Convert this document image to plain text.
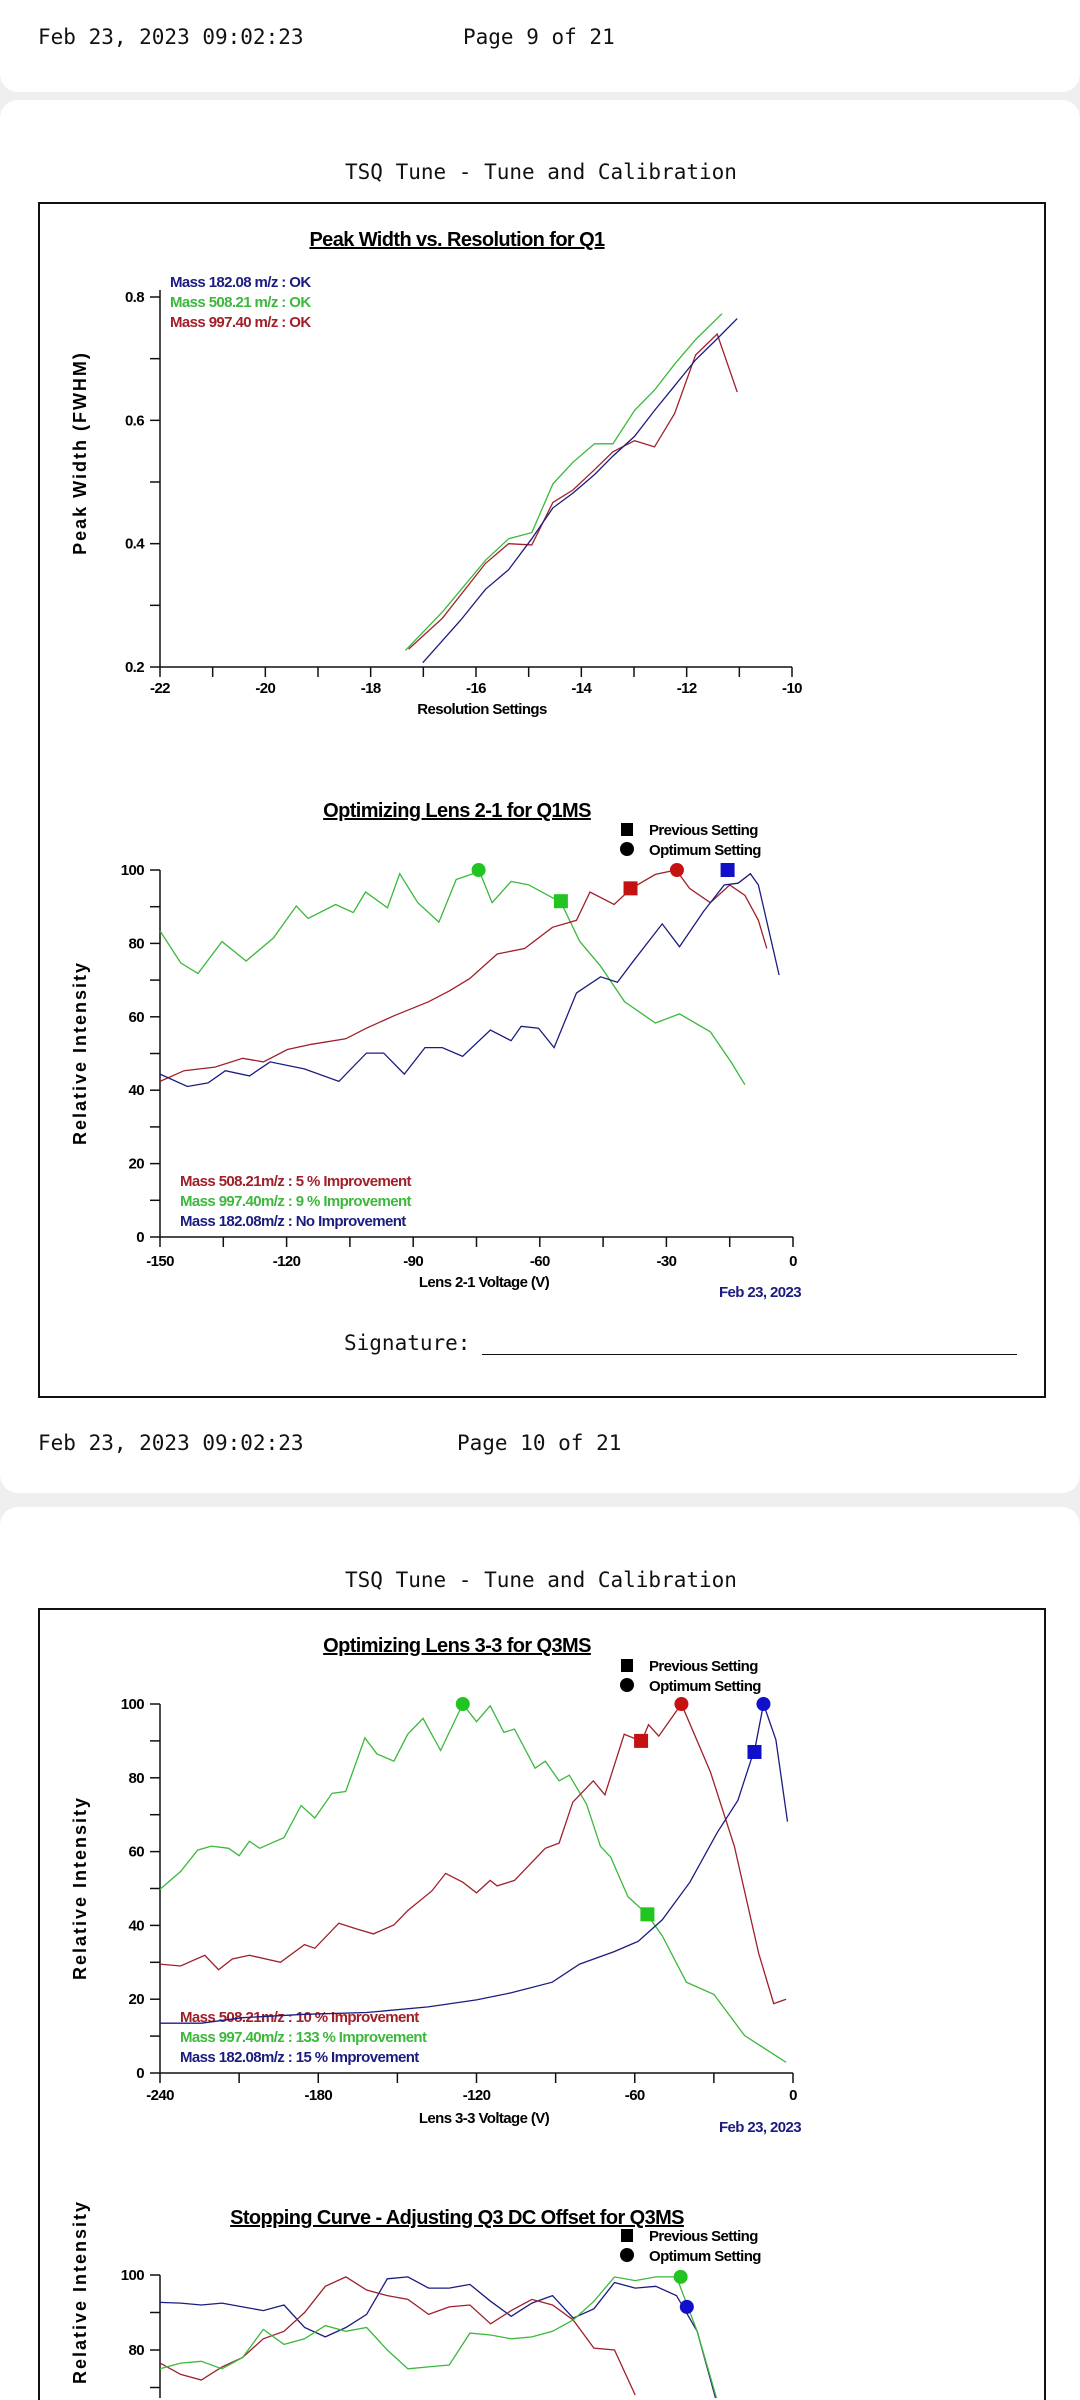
Feb 23, 2023 09:02:23	Page 9 of 21
TSQ Tune - Tune and Calibration
Signature:
Feb 23, 2023 09:02:23	Page 10 of 21
TSQ Tune - Tune and Calibration
Peak Width vs. Resolution for Q1
Peak Width (FWHM)
0.2
0.4
0.6
0.8
-22	-20	-18	-16	-14	-12	-10
Resolution Settings
Mass 182.08 m/z : OK
Mass 508.21 m/z : OK
Mass 997.40 m/z : OK
Optimizing Lens 2-1 for Q1MS
Relative Intensity
0
20
40
60
80
100
-150	-120	-90	-60	-30	0
Lens 2-1 Voltage (V)
Feb 23, 2023
Previous Setting
Optimum Setting
Mass 508.21m/z : 5 % Improvement
Mass 997.40m/z : 9 % Improvement
Mass 182.08m/z : No Improvement
Optimizing Lens 3-3 for Q3MS
Relative Intensity
0
20
40
60
80
100
-240	-180	-120	-60	0
Lens 3-3 Voltage (V)
Feb 23, 2023
Previous Setting
Optimum Setting
Mass 508.21m/z : 10 % Improvement
Mass 997.40m/z : 133 % Improvement
Mass 182.08m/z : 15 % Improvement
Stopping Curve - Adjusting Q3 DC Offset for Q3MS
Relative Intensity	80
100
Previous Setting
Optimum Setting
